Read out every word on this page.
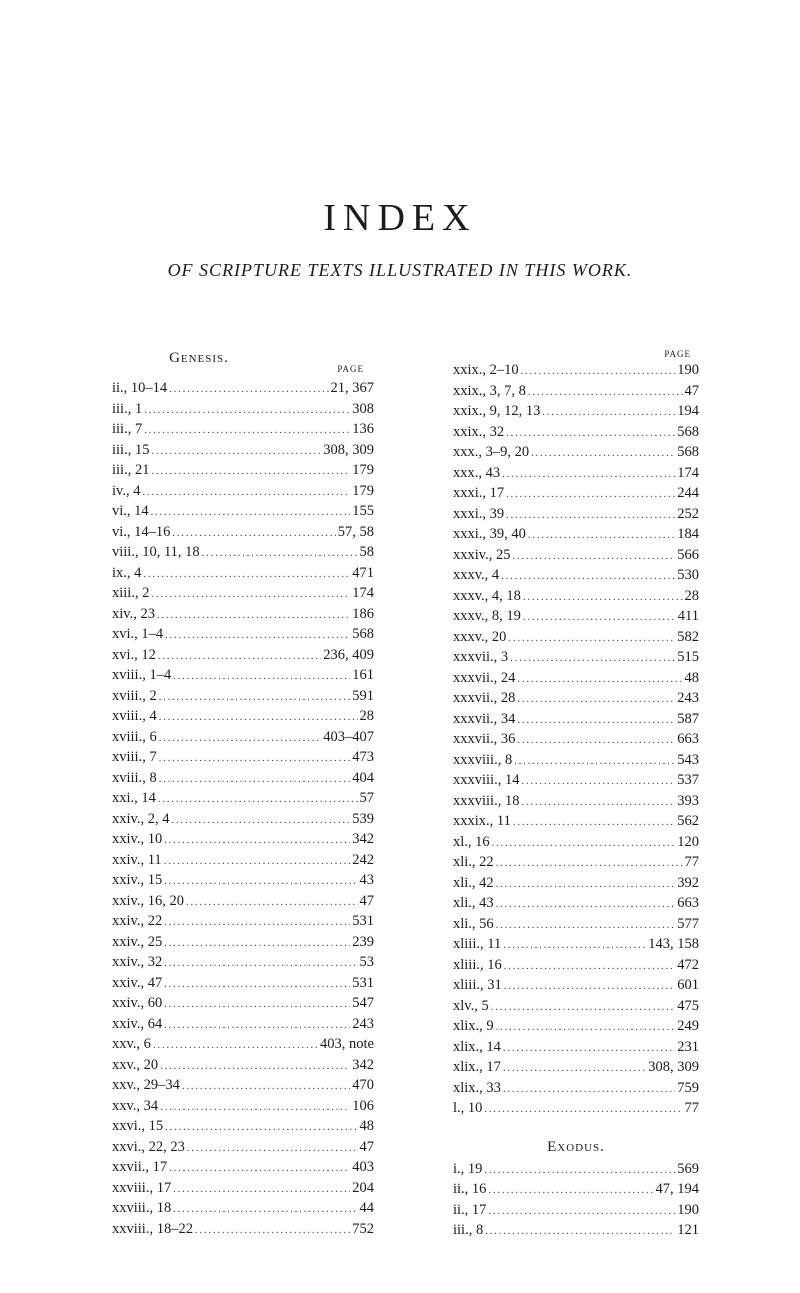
INDEX
OF SCRIPTURE TEXTS ILLUSTRATED IN THIS WORK.
Genesis.
PAGE
ii., 10–14 .....	21, 367
iii., 1 .....	308
iii., 7 .....	136
iii., 15 .....	308, 309
iii., 21 .....	179
iv., 4 .....	179
vi., 14 .....	155
vi., 14–16 .....	57, 58
viii., 10, 11, 18 .....	58
ix., 4 .....	471
xiii., 2 .....	174
xiv., 23 .....	186
xvi., 1–4 .....	568
xvi., 12 .....	236, 409
xviii., 1–4 .....	161
xviii., 2 .....	591
xviii., 4 .....	28
xviii., 6 .....	403–407
xviii., 7 .....	473
xviii., 8 .....	404
xxi., 14 .....	57
xxiv., 2, 4 .....	539
xxiv., 10 .....	342
xxiv., 11 .....	242
xxiv., 15 .....	43
xxiv., 16, 20 .....	47
xxiv., 22 .....	531
xxiv., 25 .....	239
xxiv., 32 .....	53
xxiv., 47 .....	531
xxiv., 60 .....	547
xxiv., 64 .....	243
xxv., 6 .....	403, note
xxv., 20 .....	342
xxv., 29–34 .....	470
xxv., 34 .....	106
xxvi., 15 .....	48
xxvi., 22, 23 .....	47
xxvii., 17 .....	403
xxviii., 17 .....	204
xxviii., 18 .....	44
xxviii., 18–22 .....	752
PAGE
xxix., 2–10 .....	190
xxix., 3, 7, 8 .....	47
xxix., 9, 12, 13 .....	194
xxix., 32 .....	568
xxx., 3–9, 20 .....	568
xxx., 43 .....	174
xxxi., 17 .....	244
xxxi., 39 .....	252
xxxi., 39, 40 .....	184
xxxiv., 25 .....	566
xxxv., 4 .....	530
xxxv., 4, 18 .....	28
xxxv., 8, 19 .....	411
xxxv., 20 .....	582
xxxvii., 3 .....	515
xxxvii., 24 .....	48
xxxvii., 28 .....	243
xxxvii., 34 .....	587
xxxvii., 36 .....	663
xxxviii., 8 .....	543
xxxviii., 14 .....	537
xxxviii., 18 .....	393
xxxix., 11 .....	562
xl., 16 .....	120
xli., 22 .....	77
xli., 42 .....	392
xli., 43 .....	663
xli., 56 .....	577
xliii., 11 .....	143, 158
xliii., 16 .....	472
xliii., 31 .....	601
xlv., 5 .....	475
xlix., 9 .....	249
xlix., 14 .....	231
xlix., 17 .....	308, 309
xlix., 33 .....	759
l., 10 .....	77
Exodus.
i., 19 .....	569
ii., 16 .....	47, 194
ii., 17 .....	190
iii., 8 .....	121
